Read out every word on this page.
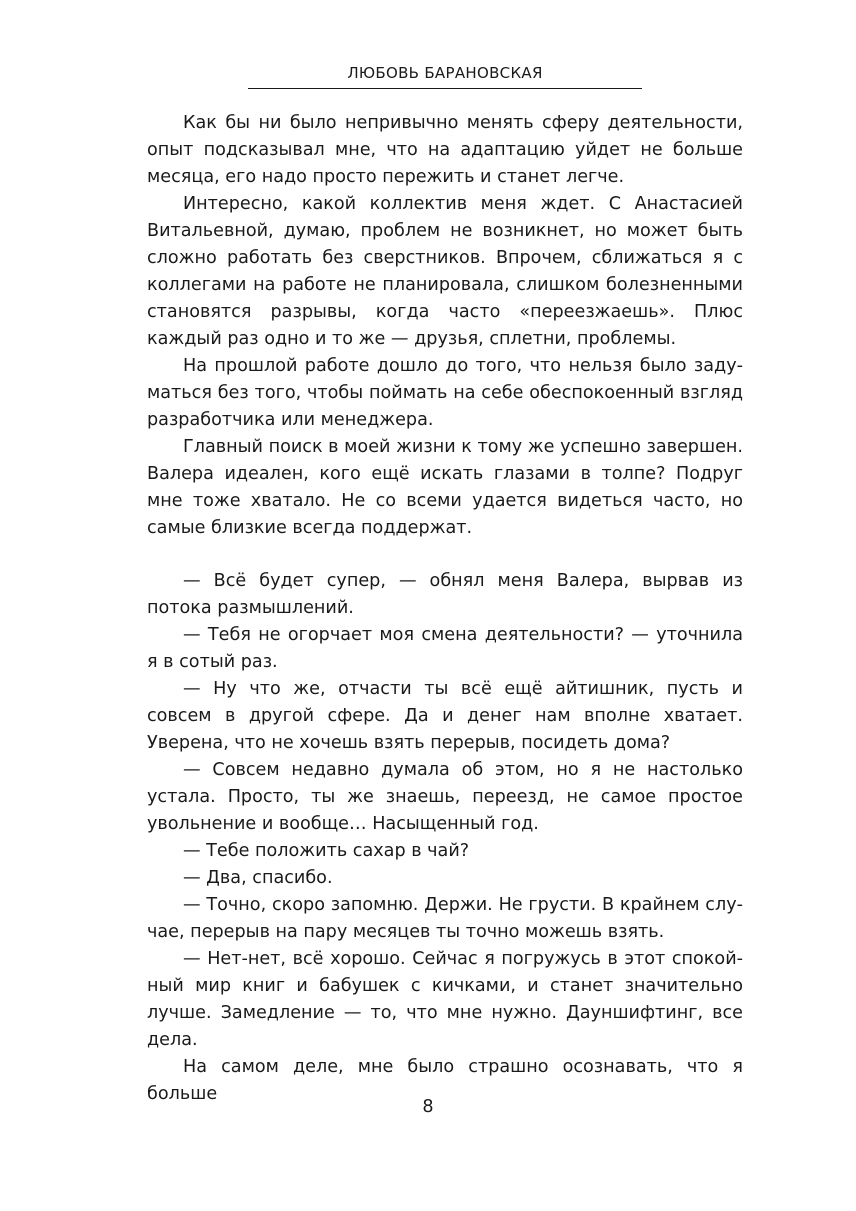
ЛЮБОВЬ БАРАНОВСКАЯ

Как бы ни было непривычно менять сферу деятельности, опыт подсказывал мне, что на адаптацию уйдет не больше месяца, его надо просто пережить и станет легче.

Интересно, какой коллектив меня ждет. С Анастасией Витальевной, думаю, проблем не возникнет, но может быть сложно работать без сверстников. Впрочем, сближаться я с коллегами на работе не планировала, слишком болезненными становятся разрывы, когда часто «переезжаешь». Плюс каждый раз одно и то же — друзья, сплетни, проблемы.

На прошлой работе дошло до того, что нельзя было задуматься без того, чтобы поймать на себе обеспокоенный взгляд разработчика или менеджера.

Главный поиск в моей жизни к тому же успешно завершен. Валера идеален, кого ещё искать глазами в толпе? Подруг мне тоже хватало. Не со всеми удается видеться часто, но самые близкие всегда поддержат.

— Всё будет супер, — обнял меня Валера, вырвав из потока размышлений.

— Тебя не огорчает моя смена деятельности? — уточнила я в сотый раз.

— Ну что же, отчасти ты всё ещё айтишник, пусть и совсем в другой сфере. Да и денег нам вполне хватает. Уверена, что не хочешь взять перерыв, посидеть дома?

— Совсем недавно думала об этом, но я не настолько устала. Просто, ты же знаешь, переезд, не самое простое увольнение и вообще… Насыщенный год.

— Тебе положить сахар в чай?

— Два, спасибо.

— Точно, скоро запомню. Держи. Не грусти. В крайнем случае, перерыв на пару месяцев ты точно можешь взять.

— Нет-нет, всё хорошо. Сейчас я погружусь в этот спокойный мир книг и бабушек с кичками, и станет значительно лучше. Замедление — то, что мне нужно. Дауншифтинг, все дела.

На самом деле, мне было страшно осознавать, что я больше

8
